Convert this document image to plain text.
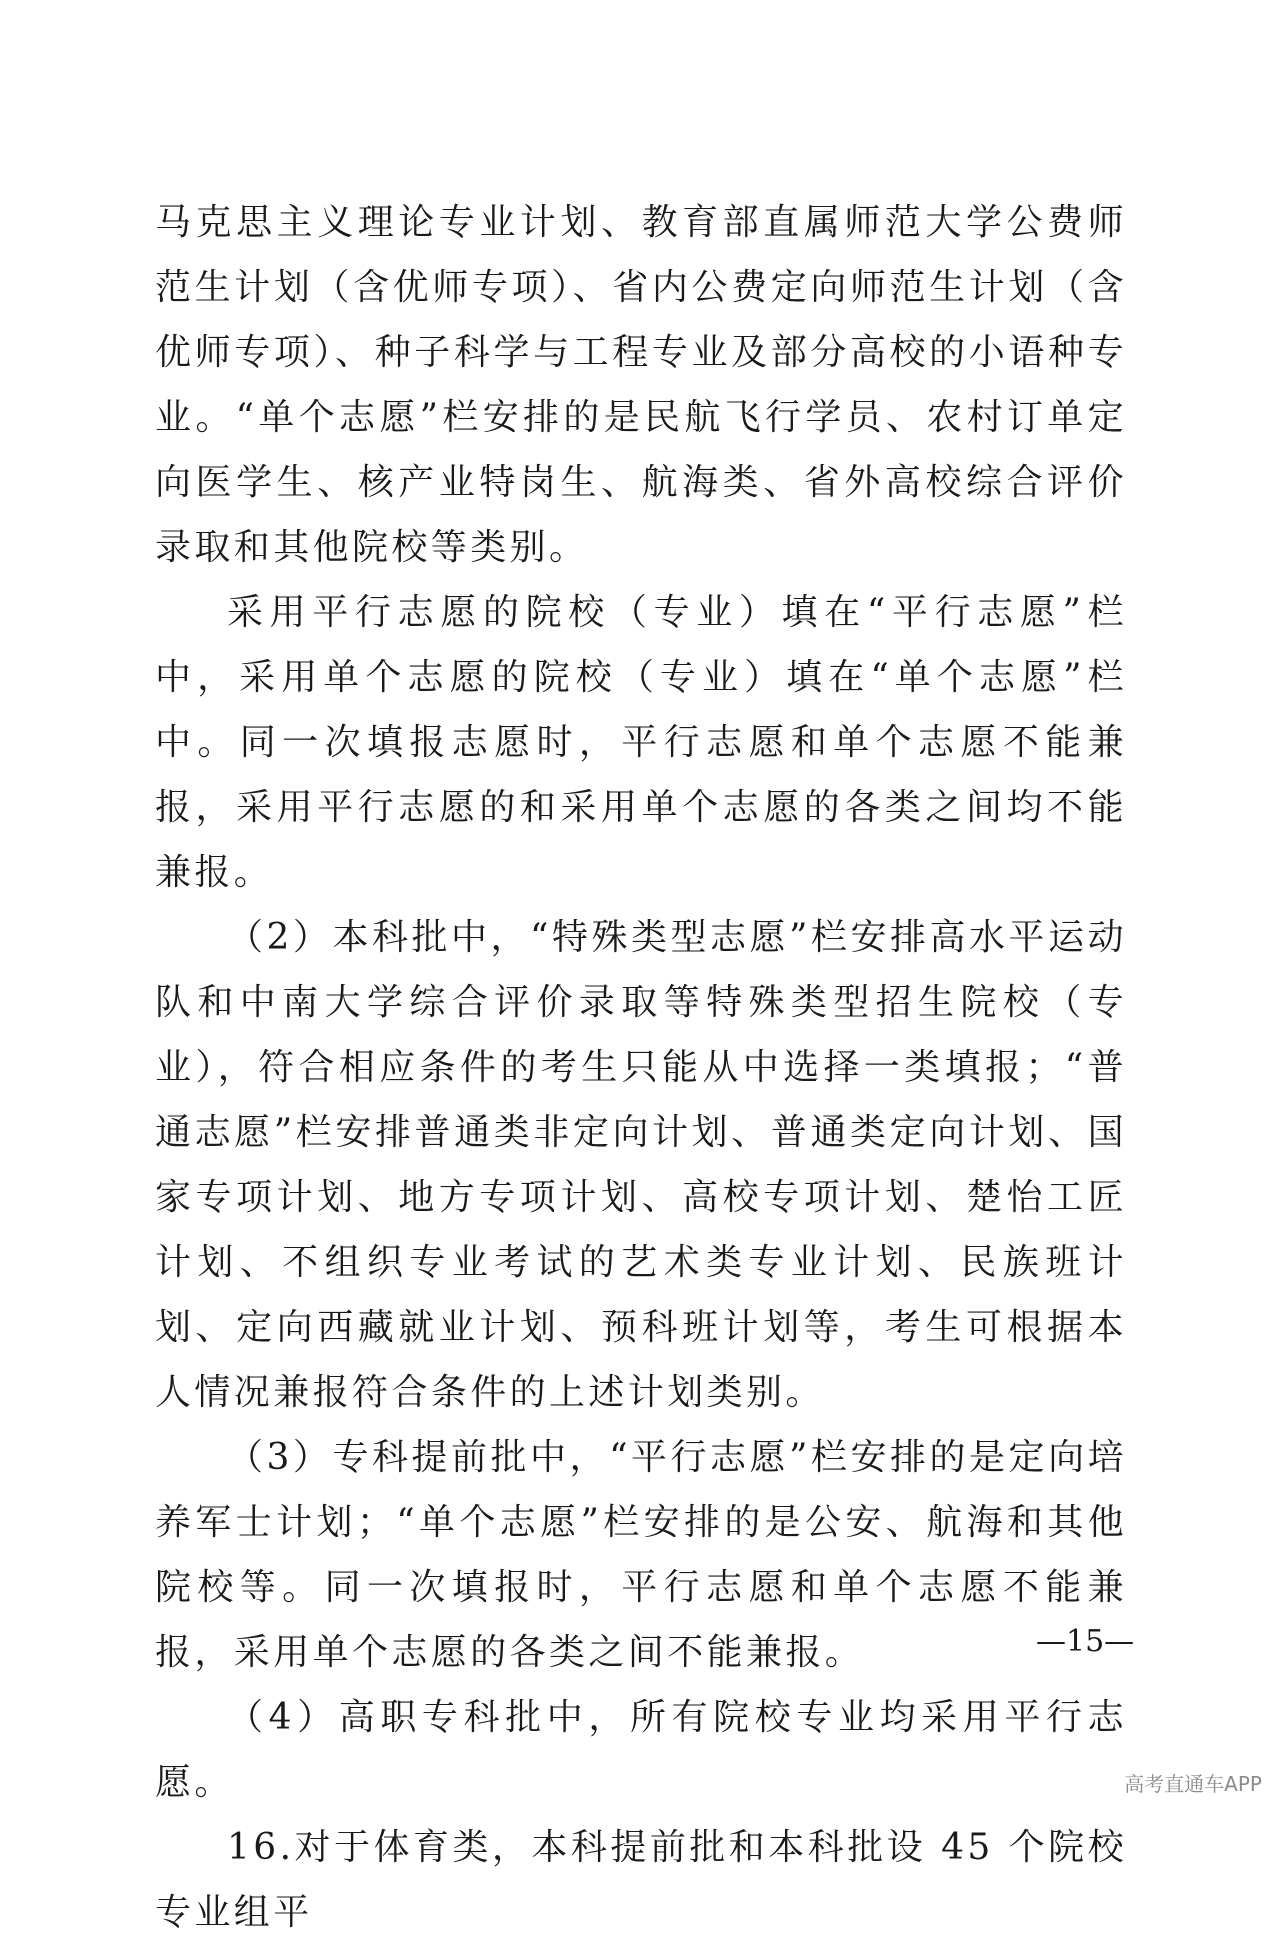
马克思主义理论专业计划、教育部直属师范大学公费师范生计划（含优师专项）、省内公费定向师范生计划（含优师专项）、种子科学与工程专业及部分高校的小语种专业。“单个志愿”栏安排的是民航飞行学员、农村订单定向医学生、核产业特岗生、航海类、省外高校综合评价录取和其他院校等类别。

采用平行志愿的院校（专业）填在“平行志愿”栏中，采用单个志愿的院校（专业）填在“单个志愿”栏中。同一次填报志愿时，平行志愿和单个志愿不能兼报，采用平行志愿的和采用单个志愿的各类之间均不能兼报。

（2）本科批中，“特殊类型志愿”栏安排高水平运动队和中南大学综合评价录取等特殊类型招生院校（专业），符合相应条件的考生只能从中选择一类填报；“普通志愿”栏安排普通类非定向计划、普通类定向计划、国家专项计划、地方专项计划、高校专项计划、楚怡工匠计划、不组织专业考试的艺术类专业计划、民族班计划、定向西藏就业计划、预科班计划等，考生可根据本人情况兼报符合条件的上述计划类别。

（3）专科提前批中，“平行志愿”栏安排的是定向培养军士计划；“单个志愿”栏安排的是公安、航海和其他院校等。同一次填报时，平行志愿和单个志愿不能兼报，采用单个志愿的各类之间不能兼报。

（4）高职专科批中，所有院校专业均采用平行志愿。

16.对于体育类，本科提前批和本科批设 45 个院校专业组平

—15—
高考直通车APP
